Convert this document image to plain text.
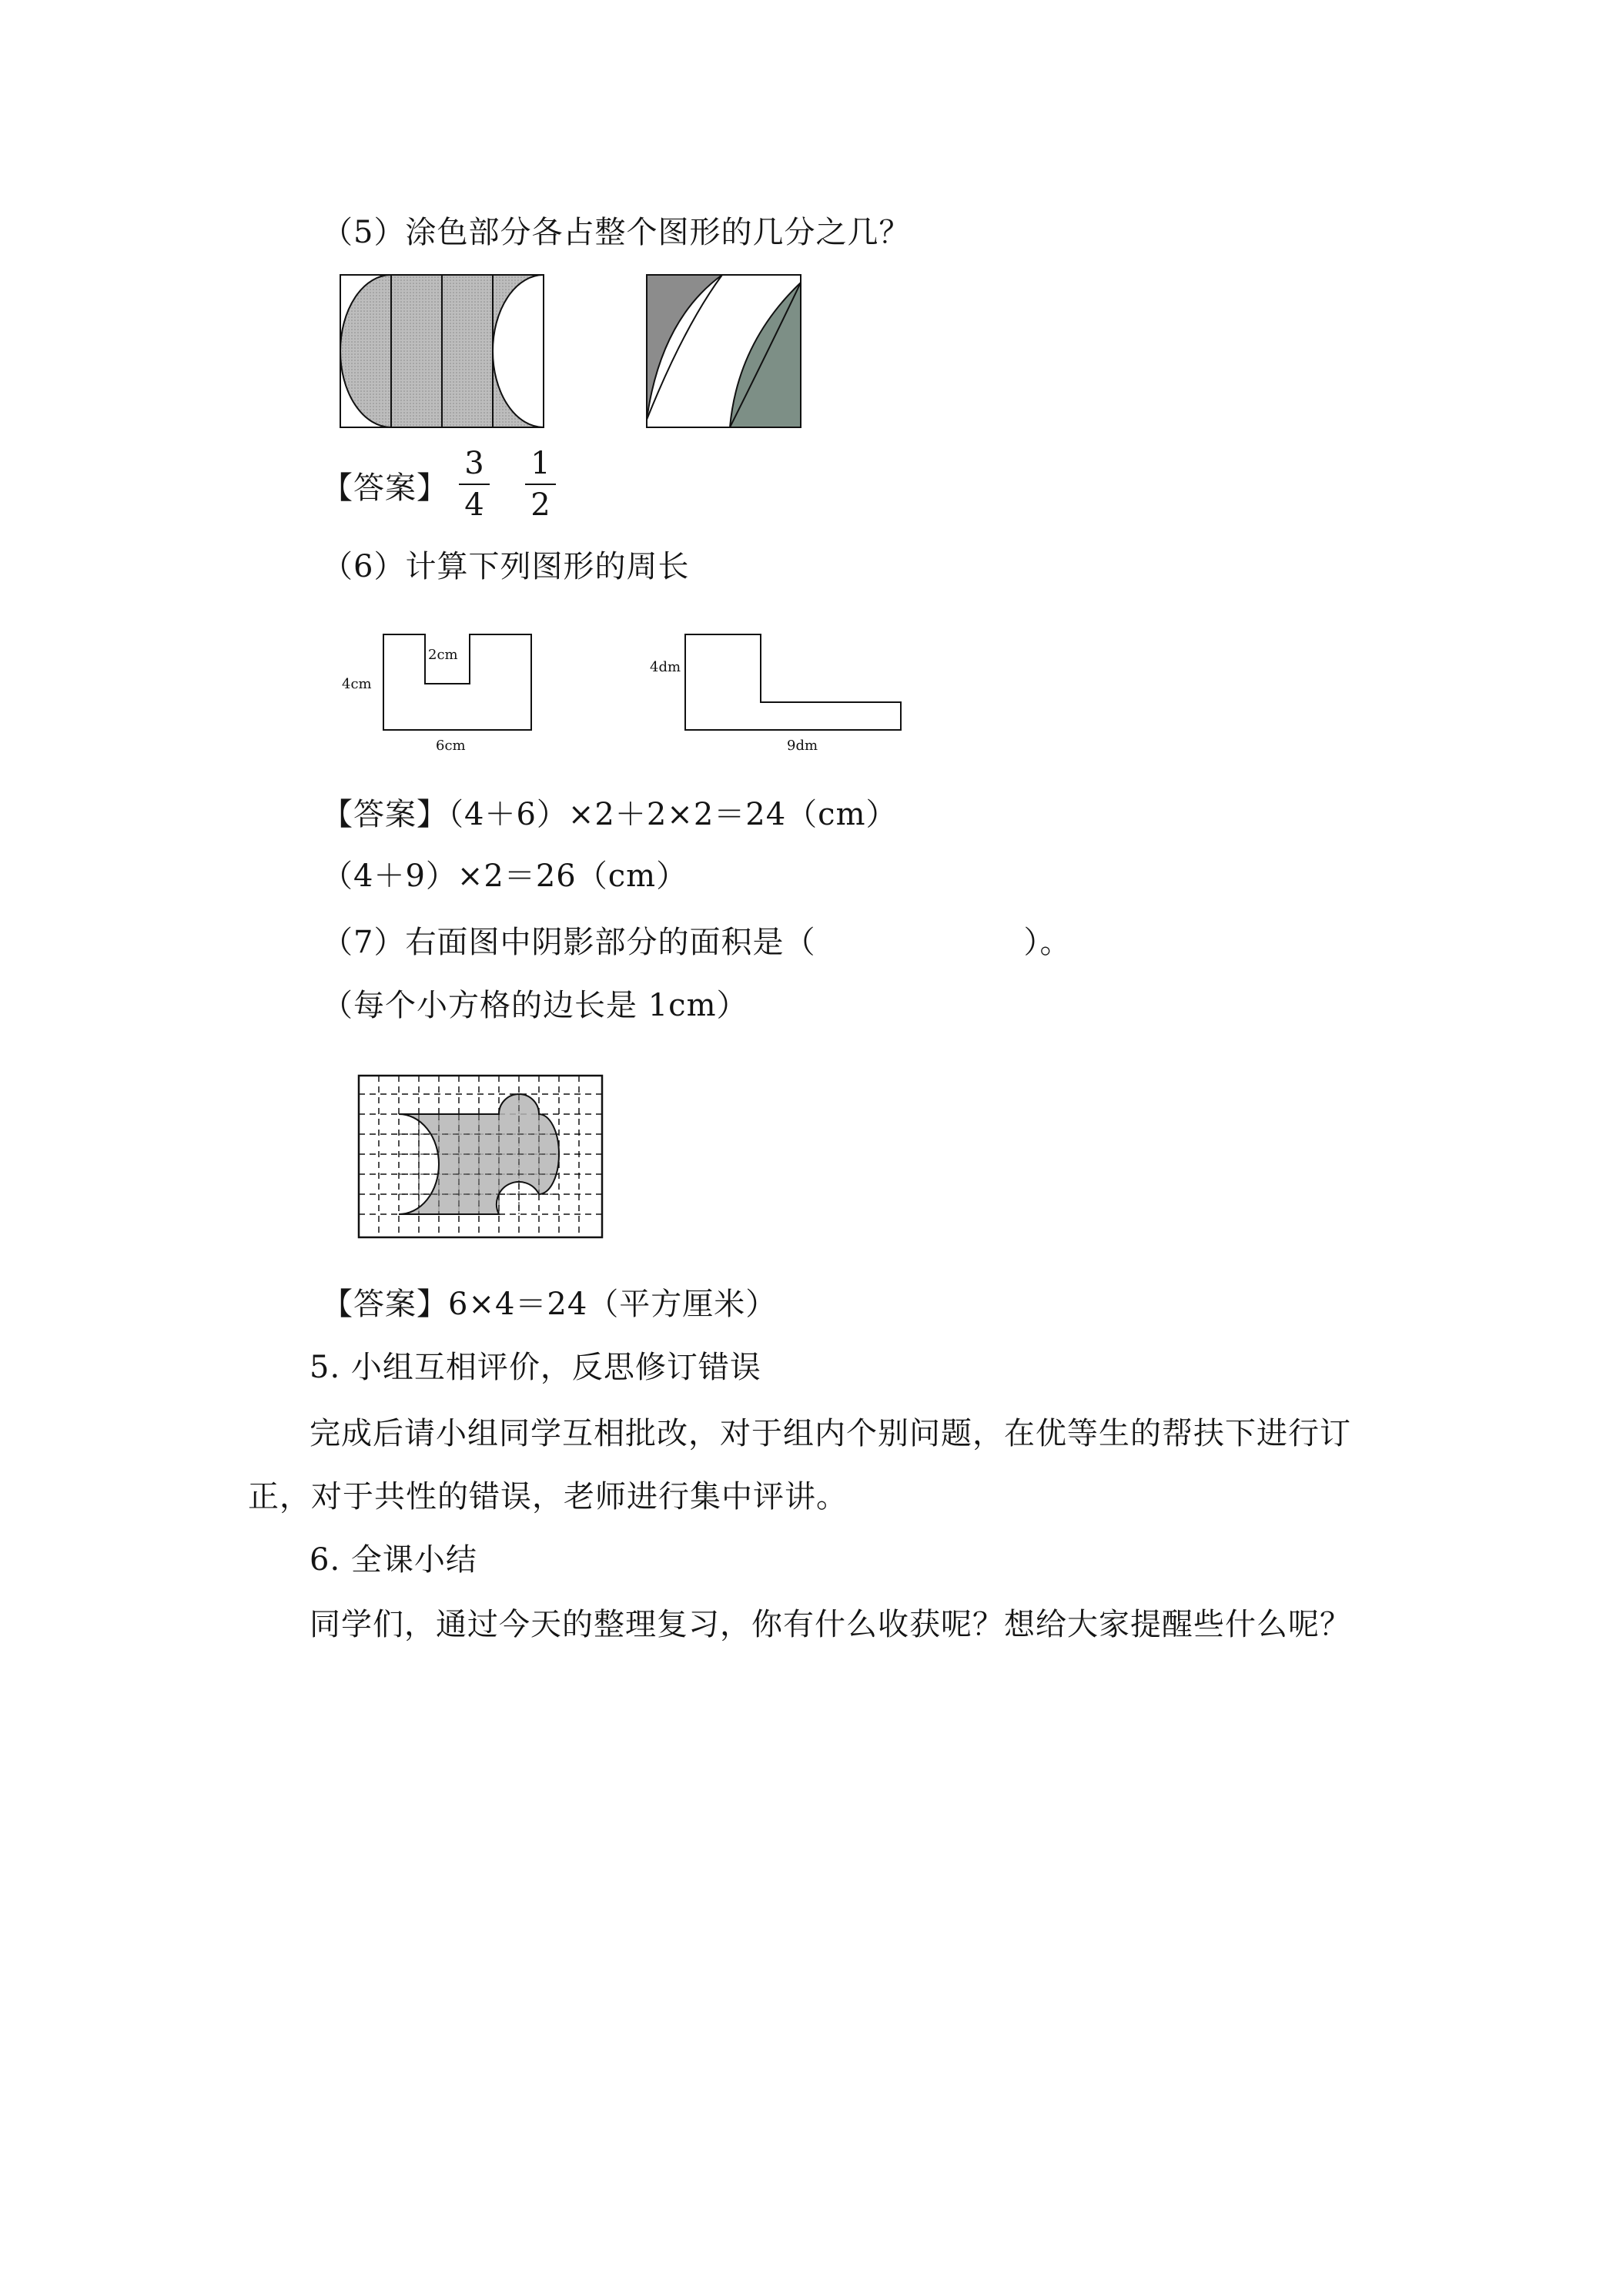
（5）涂色部分各占整个图形的几分之几？
【答案】
3
4
1
2
（6）计算下列图形的周长
4cm
2cm
6cm
4dm
9dm
【答案】（4＋6）×2＋2×2＝24（cm）
（4＋9）×2＝26（cm）
（7）右面图中阴影部分的面积是（	）。
（每个小方格的边长是 1cm）
【答案】6×4＝24（平方厘米）
5. 小组互相评价，反思修订错误
完成后请小组同学互相批改，对于组内个别问题，在优等生的帮扶下进行订
正，对于共性的错误，老师进行集中评讲。
6. 全课小结
同学们，通过今天的整理复习，你有什么收获呢？想给大家提醒些什么呢？
